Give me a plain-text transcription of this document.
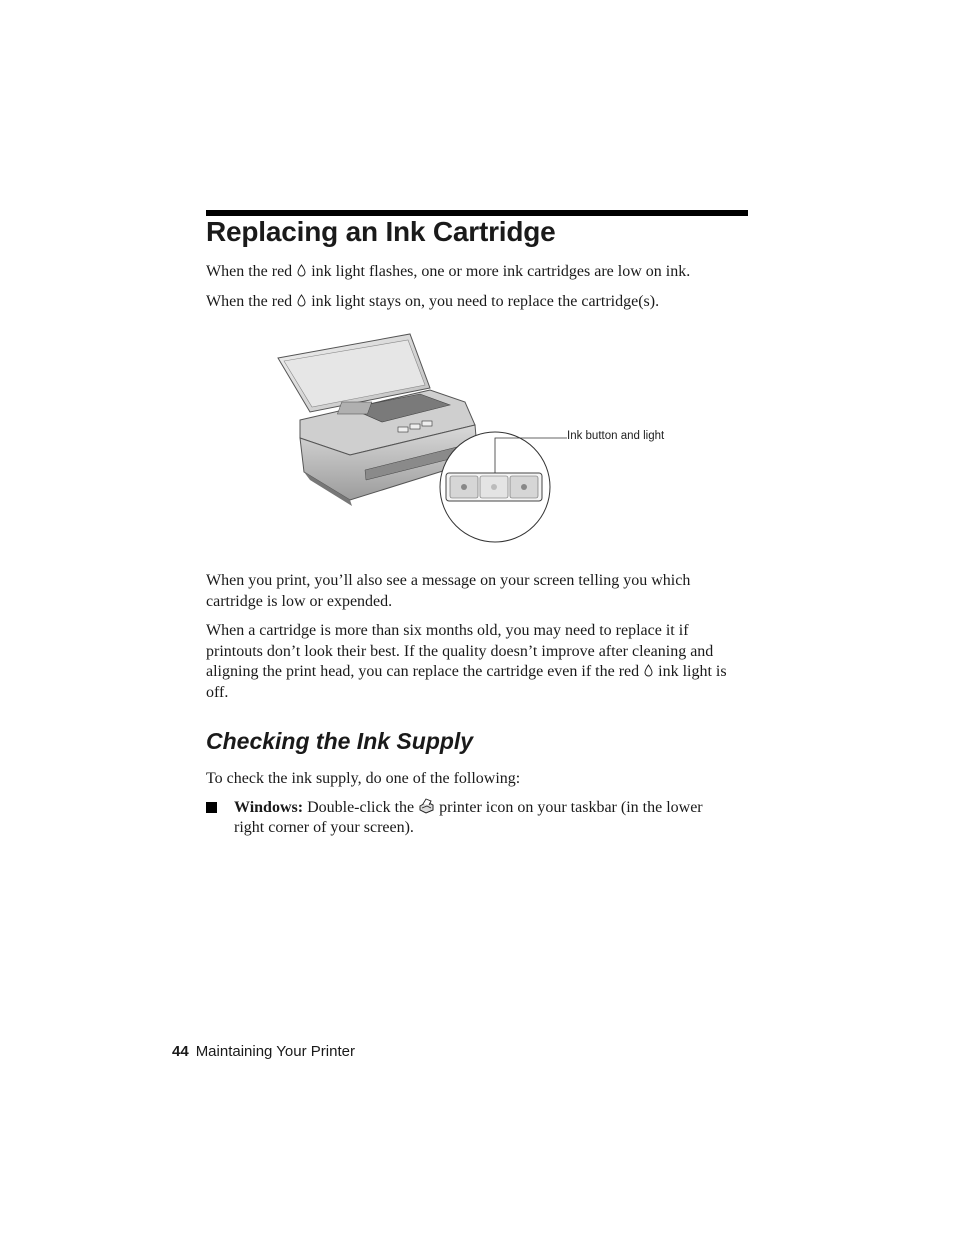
Replacing an Ink Cartridge

When the red ink light flashes, one or more ink cartridges are low on ink.

When the red ink light stays on, you need to replace the cartridge(s).

Ink button and light

When you print, you’ll also see a message on your screen telling you which cartridge is low or expended.

When a cartridge is more than six months old, you may need to replace it if printouts don’t look their best. If the quality doesn’t improve after cleaning and aligning the print head, you can replace the cartridge even if the red ink light is off.

Checking the Ink Supply

To check the ink supply, do one of the following:

Windows: Double-click the printer icon on your taskbar (in the lower right corner of your screen).
44 Maintaining Your Printer
